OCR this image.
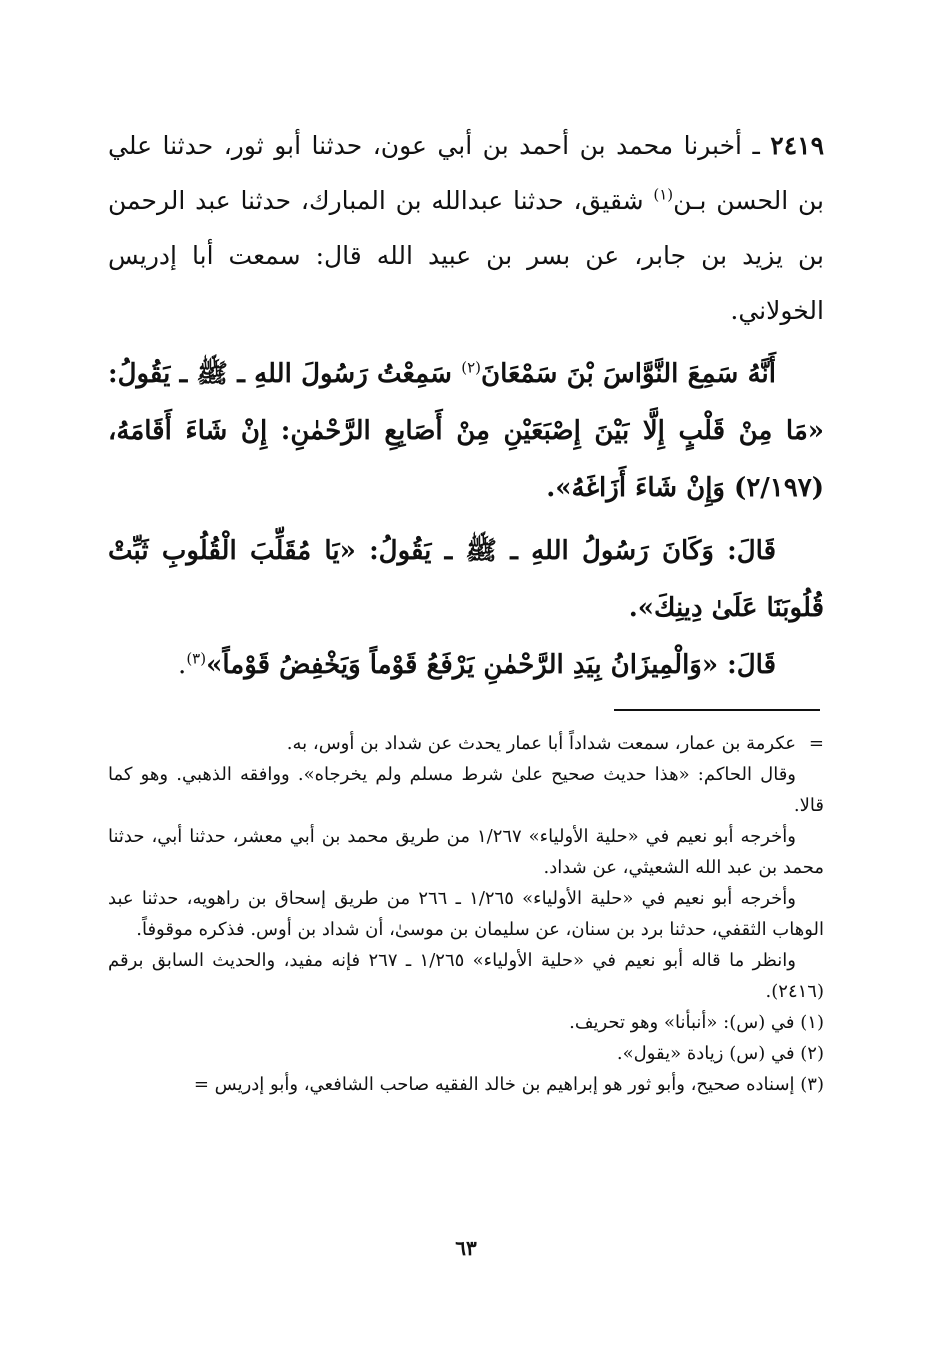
٢٤١٩ ـ أخبرنا محمد بن أحمد بن أبي عون، حدثنا أبو ثور، حدثنا علي بن الحسن بـن$^{(١)}$ شقيق، حدثنا عبدالله بن المبارك، حدثنا عبد الرحمن بن يزيد بن جابر، عن بسر بن عبيد الله قال: سمعت أبا إدريس الخولاني.

أَنَّهُ سَمِعَ النَّوَّاسَ بْنَ سَمْعَانَ$^{(٢)}$ سَمِعْتُ رَسُولَ اللهِ ـ ﷺ ـ يَقُولُ: «مَا مِنْ قَلْبٍ إِلَّا بَيْنَ إِصْبَعَيْنِ مِنْ أَصَابِعِ الرَّحْمٰنِ: إِنْ شَاءَ أَقَامَهُ، (٢/١٩٧) وَإِنْ شَاءَ أَزَاغَهُ».

قَالَ: وَكَانَ رَسُولُ اللهِ ـ ﷺ ـ يَقُولُ: «يَا مُقَلِّبَ الْقُلُوبِ ثَبِّتْ قُلُوبَنَا عَلَىٰ دِينِكَ».

قَالَ: «وَالْمِيزَانُ بِيَدِ الرَّحْمٰنِ يَرْفَعُ قَوْماً وَيَخْفِضُ قَوْماً»$^{(٣)}$.

=
عكرمة بن عمار، سمعت شداداً أبا عمار يحدث عن شداد بن أوس، به.

وقال الحاكم: «هذا حديث صحيح علىٰ شرط مسلم ولم يخرجاه». ووافقه الذهبي. وهو كما قالا.

وأخرجه أبو نعيم في «حلية الأولياء» ١/٢٦٧ من طريق محمد بن أبي معشر، حدثنا أبي، حدثنا محمد بن عبد الله الشعيثي، عن شداد.

وأخرجه أبو نعيم في «حلية الأولياء» ١/٢٦٥ ـ ٢٦٦ من طريق إسحاق بن راهويه، حدثنا عبد الوهاب الثقفي، حدثنا برد بن سنان، عن سليمان بن موسىٰ، أن شداد بن أوس. فذكره موقوفاً.

وانظر ما قاله أبو نعيم في «حلية الأولياء» ١/٢٦٥ ـ ٢٦٧ فإنه مفيد، والحديث السابق برقم (٢٤١٦).

(١) في (س): «أنبأنا» وهو تحريف.

(٢) في (س) زيادة «يقول».

(٣) إسناده صحيح، وأبو ثور هو إبراهيم بن خالد الفقيه صاحب الشافعي، وأبو إدريس =

٦٣
